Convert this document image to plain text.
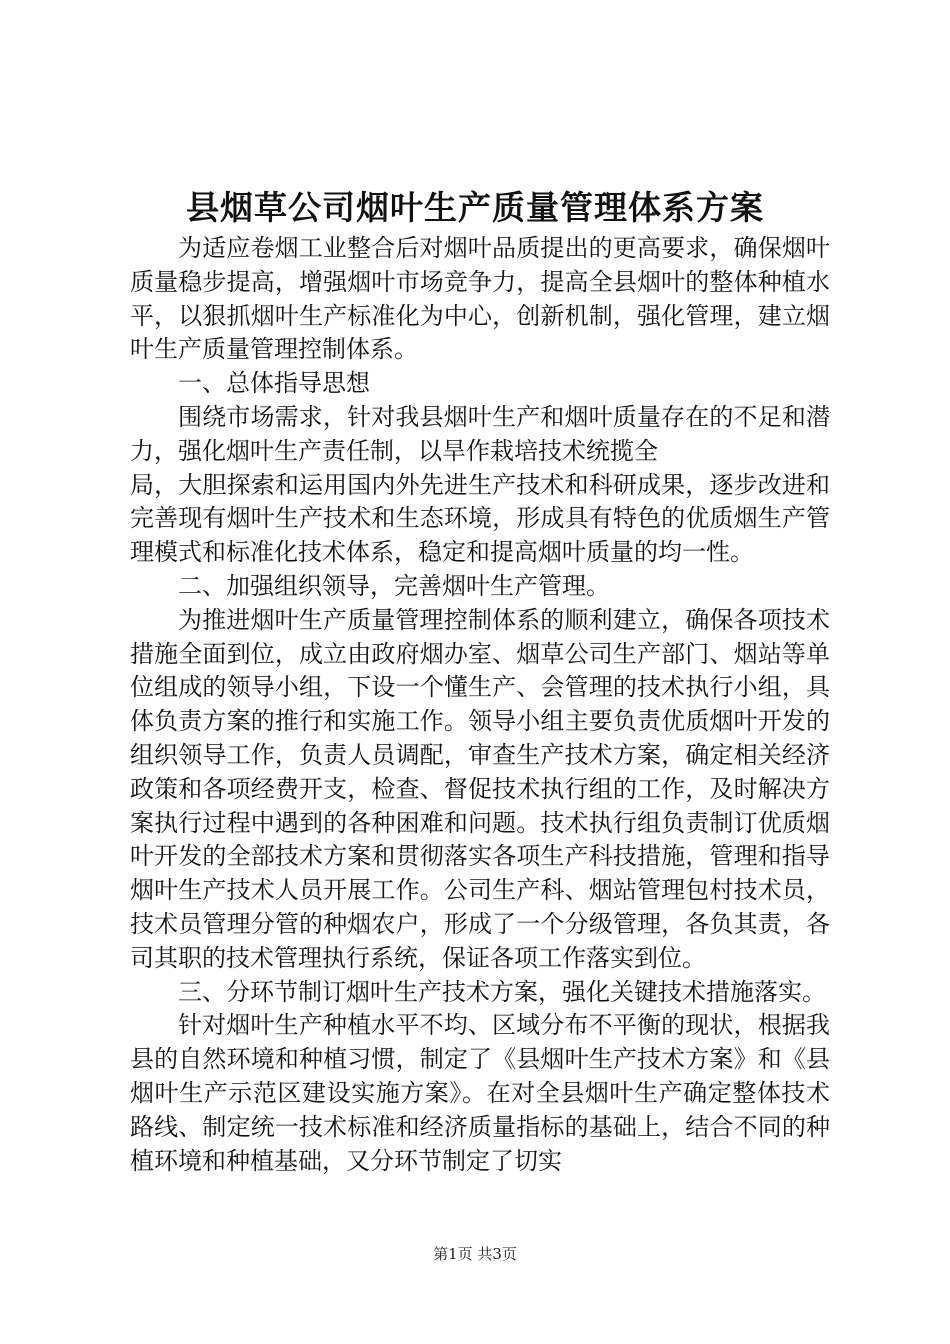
县烟草公司烟叶生产质量管理体系方案

为适应卷烟工业整合后对烟叶品质提出的更高要求，确保烟叶质量稳步提高，增强烟叶市场竞争力，提高全县烟叶的整体种植水平，以狠抓烟叶生产标准化为中心，创新机制，强化管理，建立烟叶生产质量管理控制体系。

一、总体指导思想

围绕市场需求，针对我县烟叶生产和烟叶质量存在的不足和潜力，强化烟叶生产责任制，以旱作栽培技术统揽全

局，大胆探索和运用国内外先进生产技术和科研成果，逐步改进和完善现有烟叶生产技术和生态环境，形成具有特色的优质烟生产管理模式和标准化技术体系，稳定和提高烟叶质量的均一性。

二、加强组织领导，完善烟叶生产管理。

为推进烟叶生产质量管理控制体系的顺利建立，确保各项技术措施全面到位，成立由政府烟办室、烟草公司生产部门、烟站等单位组成的领导小组，下设一个懂生产、会管理的技术执行小组，具体负责方案的推行和实施工作。领导小组主要负责优质烟叶开发的组织领导工作，负责人员调配，审查生产技术方案，确定相关经济政策和各项经费开支，检查、督促技术执行组的工作，及时解决方案执行过程中遇到的各种困难和问题。技术执行组负责制订优质烟叶开发的全部技术方案和贯彻落实各项生产科技措施，管理和指导烟叶生产技术人员开展工作。公司生产科、烟站管理包村技术员，技术员管理分管的种烟农户，形成了一个分级管理，各负其责，各司其职的技术管理执行系统，保证各项工作落实到位。

三、分环节制订烟叶生产技术方案，强化关键技术措施落实。

针对烟叶生产种植水平不均、区域分布不平衡的现状，根据我县的自然环境和种植习惯，制定了《县烟叶生产技术方案》和《县烟叶生产示范区建设实施方案》。在对全县烟叶生产确定整体技术路线、制定统一技术标准和经济质量指标的基础上，结合不同的种植环境和种植基础，又分环节制定了切实

第1页 共3页
